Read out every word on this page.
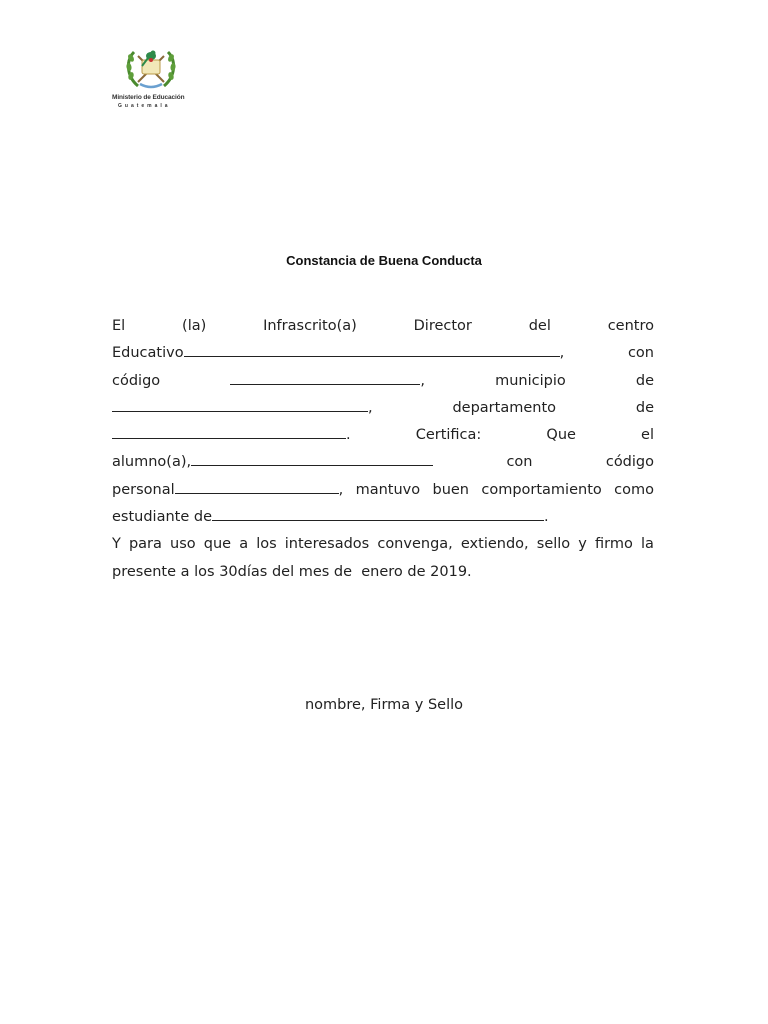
Ministerio de Educación
Guatemala
Constancia de Buena Conducta
El	(la)	Infrascrito(a)	Director	del	centro
Educativo	,	con
código	,	municipio	de
,	departamento	de
.	Certifica:	Que	el
alumno(a),	con	código
personal	, mantuvo buen comportamiento como
estudiante de	.
Y para uso que a los interesados convenga, extiendo, sello y firmo la
presente a los 30días del mes de  enero de 2019.
nombre, Firma y Sello
